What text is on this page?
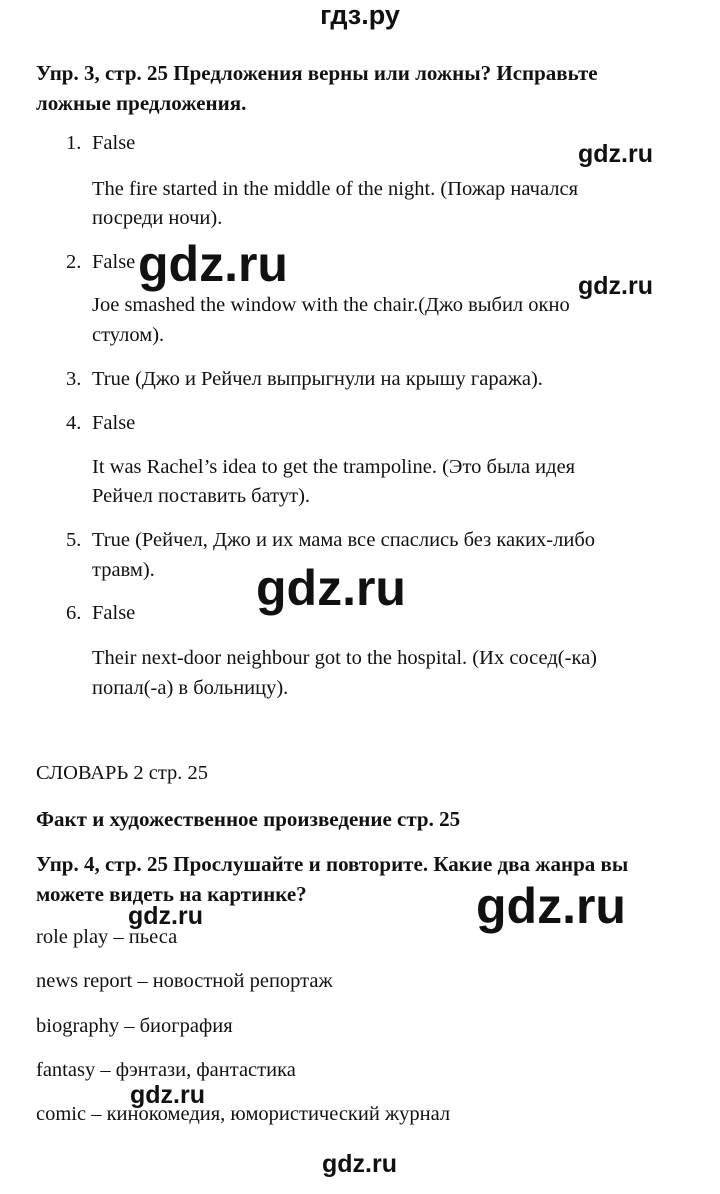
гдз.ру
Упр. 3, стр. 25 Предложения верны или ложны? Исправьте
ложные предложения.
1. False
The fire started in the middle of the night. (Пожар начался
посреди ночи).
2. False
Joe smashed the window with the chair.(Джо выбил окно
стулом).
3. True (Джо и Рейчел выпрыгнули на крышу гаража).
4. False
It was Rachel’s idea to get the trampoline. (Это была идея
Рейчел поставить батут).
5. True (Рейчел, Джо и их мама все спаслись без каких-либо
травм).
6. False
Their next-door neighbour got to the hospital. (Их сосед(-ка)
попал(-а) в больницу).
СЛОВАРЬ 2 стр. 25
Факт и художественное произведение стр. 25
Упр. 4, стр. 25 Прослушайте и повторите. Какие два жанра вы
можете видеть на картинке?
role play – пьеса
news report – новостной репортаж
biography – биография
fantasy – фэнтази, фантастика
comic – кинокомедия, юмористический журнал
gdz.ru
gdz.ru	gdz.ru
gdz.ru
gdz.ru	gdz.ru
gdz.ru
gdz.ru
